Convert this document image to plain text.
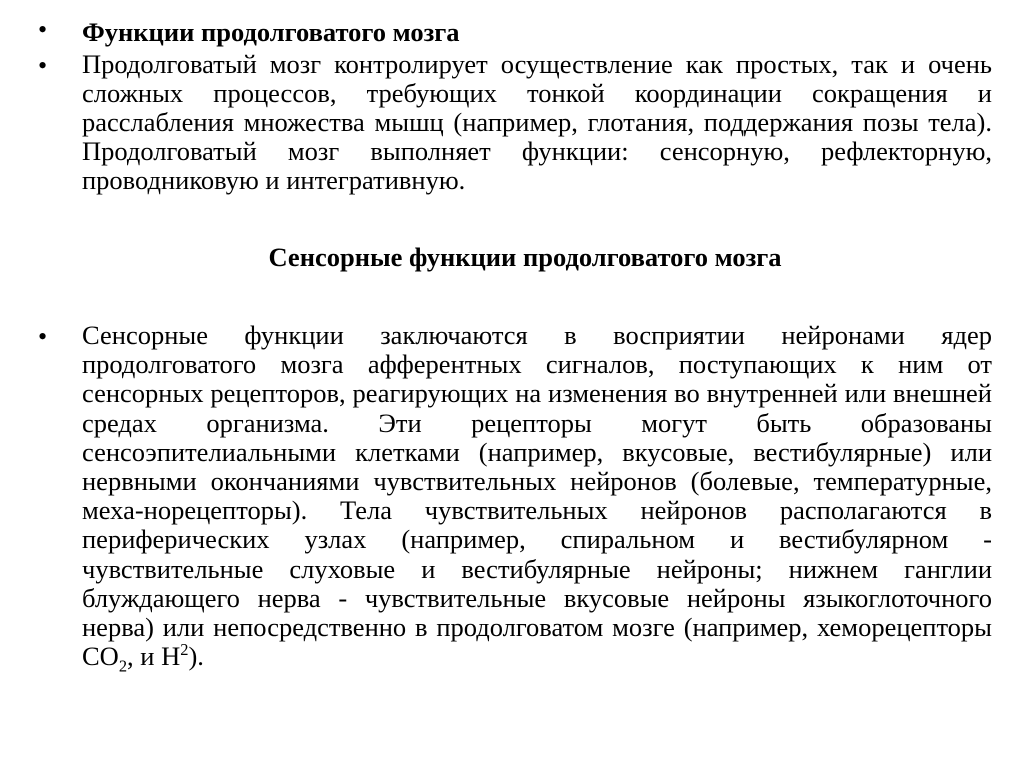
•	Функции продолговатого мозга
•	Продолговатый мозг контролирует осуществление как простых, так и очень сложных процессов, требующих тонкой координации сокращения и расслабления множества мышц (например, глотания, поддержания позы тела). Продолговатый мозг выполняет функции: сенсорную, рефлекторную, проводниковую и интегративную.
Сенсорные функции продолговатого мозга
•	Сенсорные функции заключаются в восприятии нейронами ядер продолговатого мозга афферентных сигналов, поступающих к ним от сенсорных рецепторов, реагирующих на изменения во внутренней или внешней средах организма. Эти рецепторы могут быть образованы сенсоэпителиальными клетками (например, вкусовые, вестибулярные) или нервными окончаниями чувствительных нейронов (болевые, температурные, меха-норецепторы). Тела чувствительных нейронов располагаются в периферических узлах (например, спиральном и вестибулярном - чувствительные слуховые и вестибулярные нейроны; нижнем ганглии блуждающего нерва - чувствительные вкусовые нейроны языкоглоточного нерва) или непосредственно в продолговатом мозге (например, хеморецепторы $СО_2$, и $Н^2$).
